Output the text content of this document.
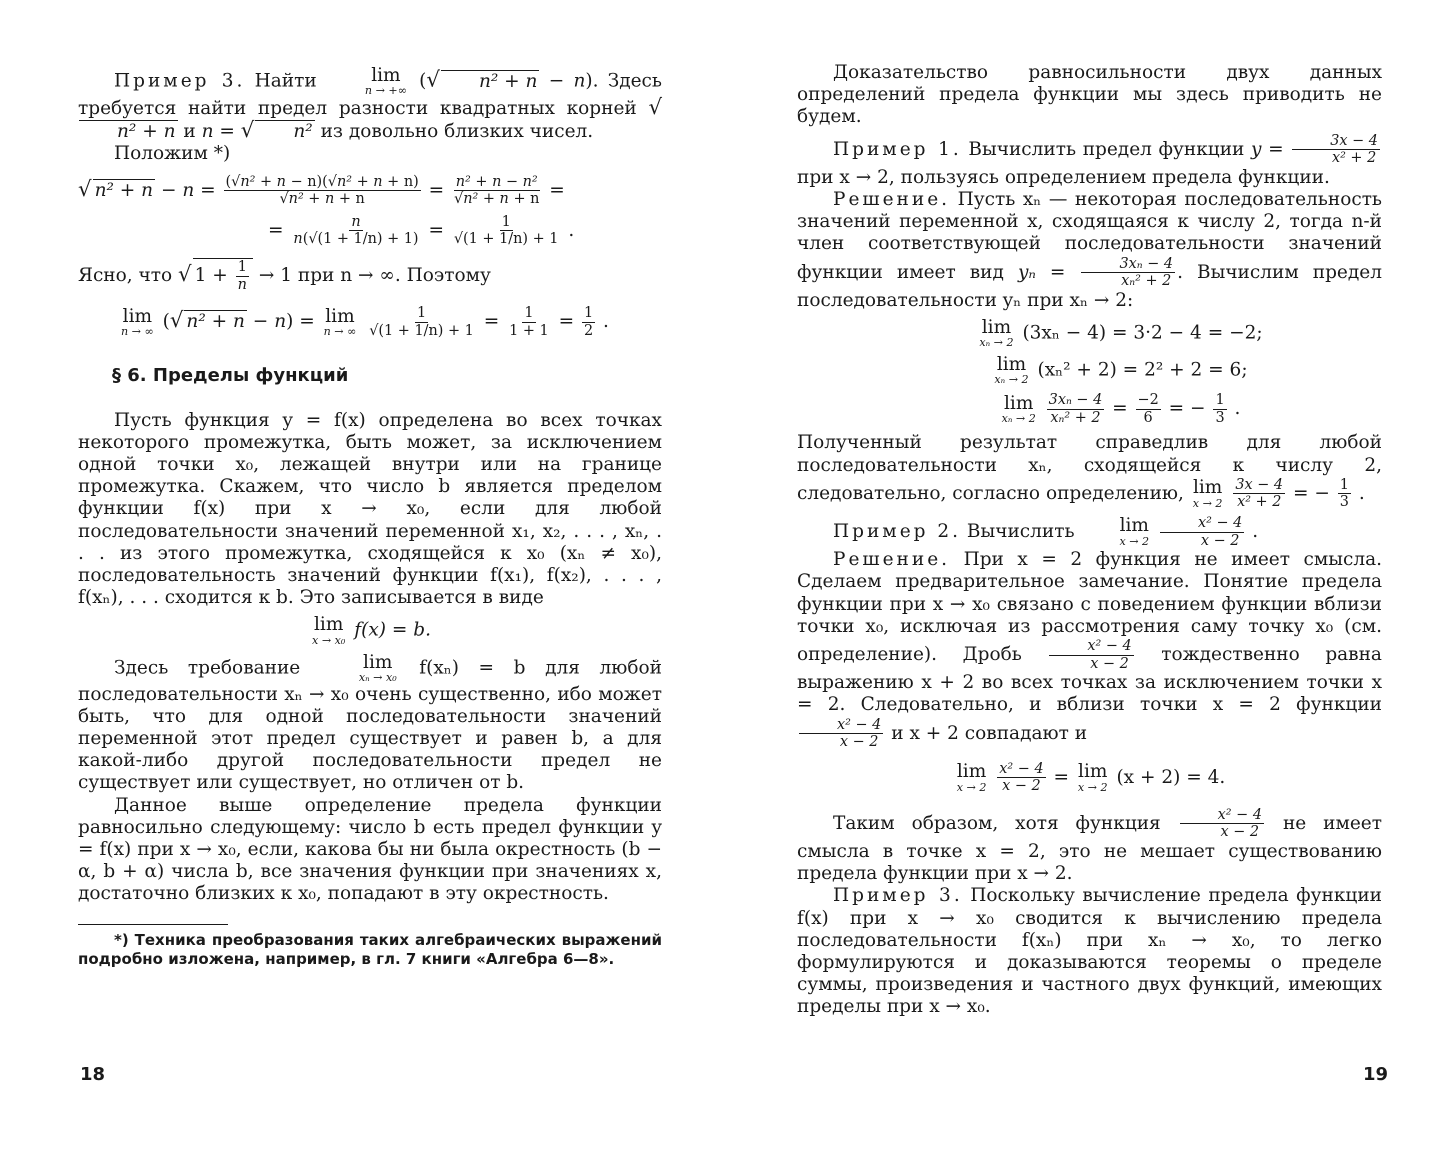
Пример 3. Найти	lim
n → +∞ (√ n² + n − n). Здесь требуется найти предел разности квадратных корней √n² + n и n = √ n² из довольно близких чисел.

Положим *)

√ $n^2 + n - n = \frac{\text{(√n² + n − n)(√n² + n + n)}}{\text{√n² + n + n}} = \frac{\text{n² + n − n²}}{\text{√n² + n + n}}$ =
= $\frac{n}{n(√(1 + 1/n) + 1)} = \frac{1}{√(1 + 1/n) + 1}$ .

Ясно, что √ $1 + \frac{1}{n} \to 1$ при n → ∞. Поэтому

lim
n → ∞ (√ n² + n − n) = lim
n → ∞
$\frac{1}{√(1 + 1/n) + 1} = \frac{1}{1 + 1} = \frac{1}{2}$ .
§ 6. Пределы функций

Пусть функция y = f(x) определена во всех точках некоторого промежутка, быть может, за исключением одной точки x₀, лежащей внутри или на границе промежутка. Скажем, что число b является пределом функции f(x) при x → x₀, если для любой последовательности значений переменной x₁, x₂, . . . , xₙ, . . . из этого промежутка, сходящейся к x₀ (xₙ ≠ x₀), последовательность значений функции f(x₁), f(x₂), . . . , f(xₙ), . . . сходится к b. Это записывается в виде

lim
x → x₀ f(x) = b.

Здесь требование	lim
xₙ → x₀ f(xₙ) = b для любой последовательности xₙ → x₀ очень существенно, ибо может быть, что для одной последовательности значений переменной этот предел существует и равен b, а для какой-либо другой последовательности предел не существует или существует, но отличен от b.

Данное выше определение предела функции равносильно следующему: число b есть предел функции y = f(x) при x → x₀, если, какова бы ни была окрестность (b − α, b + α) числа b, все значения функции при значениях x, достаточно близких к x₀, попадают в эту окрестность.

*) Техника преобразования таких алгебраических выражений подробно изложена, например, в гл. 7 книги «Алгебра 6—8».

18

Доказательство равносильности двух данных определений предела функции мы здесь приводить не будем.

Пример 1. Вычислить предел функции $y = \frac{3x - 4}{\text{x² + 2}}$
при x → 2, пользуясь определением предела функции.

Решение. Пусть xₙ — некоторая последовательность значений переменной x, сходящаяся к числу 2, тогда n-й член соответствующей последовательности значений функции имеет вид $y_n = \frac{\text{3xₙ − 4}}{\text{xₙ² + 2}}$ . Вычислим предел последовательности yₙ при xₙ → 2:

lim
xₙ → 2 (3xₙ − 4) = 3·2 − 4 = −2;
lim
xₙ → 2 (xₙ² + 2) = 2² + 2 = 6;
lim
xₙ → 2
$\frac{\text{3xₙ − 4}}{\text{xₙ² + 2}} = \frac{-2}{6}$ = − $\frac{1}{3}$ .

Полученный результат справедлив для любой последовательности xₙ, сходящейся к числу 2, следовательно, согласно определению, lim
x → 2
$\frac{3x - 4}{\text{x² + 2}}$ = − $\frac{1}{3}$ .

Пример 2. Вычислить	lim
x → 2
$\frac{\text{x² − 4}}{x - 2}$ .

Решение. При x = 2 функция не имеет смысла. Сделаем предварительное замечание. Понятие предела функции при x → x₀ связано с поведением функции вблизи точки x₀, исключая из рассмотрения саму точку x₀ (см. определение). Дробь $\frac{\text{x² − 4}}{x - 2}$ тождественно равна выражению x + 2 во всех точках за исключением точки x = 2. Следовательно, и вблизи точки x = 2 функции
$\frac{\text{x² − 4}}{x - 2}$ и x + 2 совпадают и

lim
x → 2
$\frac{\text{x² − 4}}{x - 2} = \lim$
x → 2 (x + 2) = 4.

Таким образом, хотя функция $\frac{\text{x² − 4}}{x - 2}$ не имеет смысла в точке x = 2, это не мешает существованию предела функции при x → 2.

Пример 3. Поскольку вычисление предела функции f(x) при x → x₀ сводится к вычислению предела последовательности f(xₙ) при xₙ → x₀, то легко формулируются и доказываются теоремы о пределе суммы, произведения и частного двух функций, имеющих пределы при x → x₀.

19
